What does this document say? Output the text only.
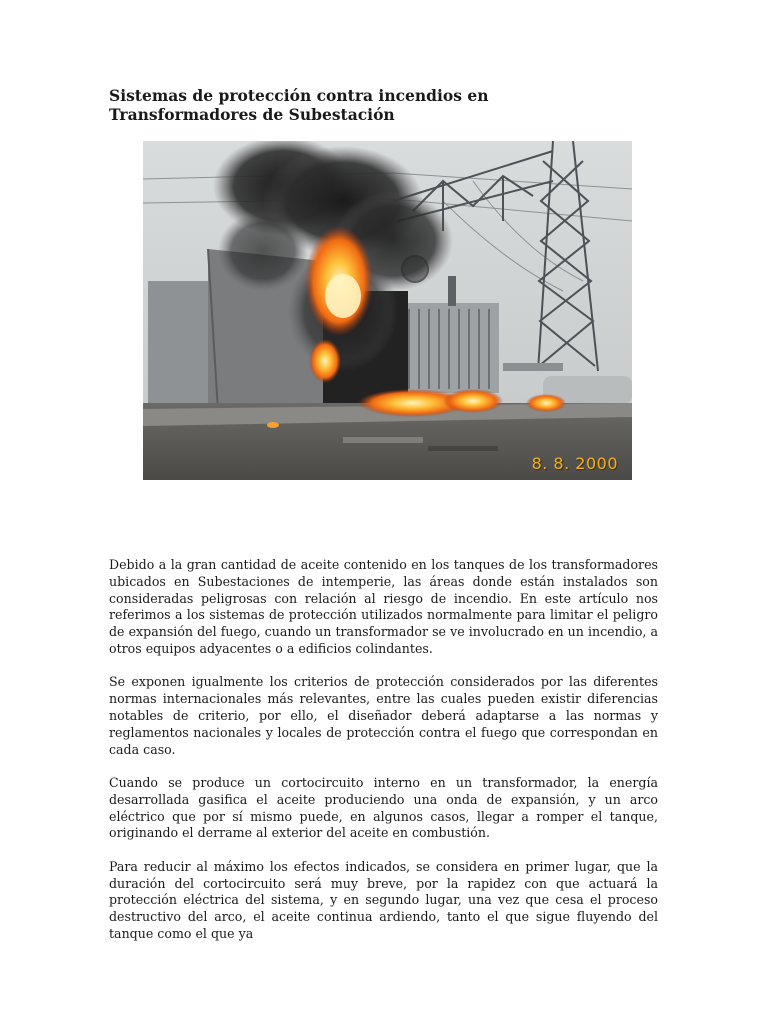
Sistemas de protección contra incendios en Transformadores de Subestación
8. 8. 2000

Debido a la gran cantidad de aceite contenido en los tanques de los transformadores ubicados en Subestaciones de intemperie, las áreas donde están instalados son consideradas peligrosas con relación al riesgo de incendio. En este artículo nos referimos a los sistemas de protección utilizados normalmente para limitar el peligro de expansión del fuego, cuando un transformador se ve involucrado en un incendio, a otros equipos adyacentes o a edificios colindantes.

Se exponen igualmente los criterios de protección considerados por las diferentes normas internacionales más relevantes, entre las cuales pueden existir diferencias notables de criterio, por ello, el diseñador deberá adaptarse a las normas y reglamentos nacionales y locales de protección contra el fuego que correspondan en cada caso.

Cuando se produce un cortocircuito interno en un transformador, la energía desarrollada gasifica el aceite produciendo una onda de expansión, y un arco eléctrico que por sí mismo puede, en algunos casos, llegar a romper el tanque, originando el derrame al exterior del aceite en combustión.

Para reducir al máximo los efectos indicados, se considera en primer lugar, que la duración del cortocircuito será muy breve, por la rapidez con que actuará la protección eléctrica del sistema, y en segundo lugar, una vez que cesa el proceso destructivo del arco, el aceite continua ardiendo, tanto el que sigue fluyendo del tanque como el que ya
